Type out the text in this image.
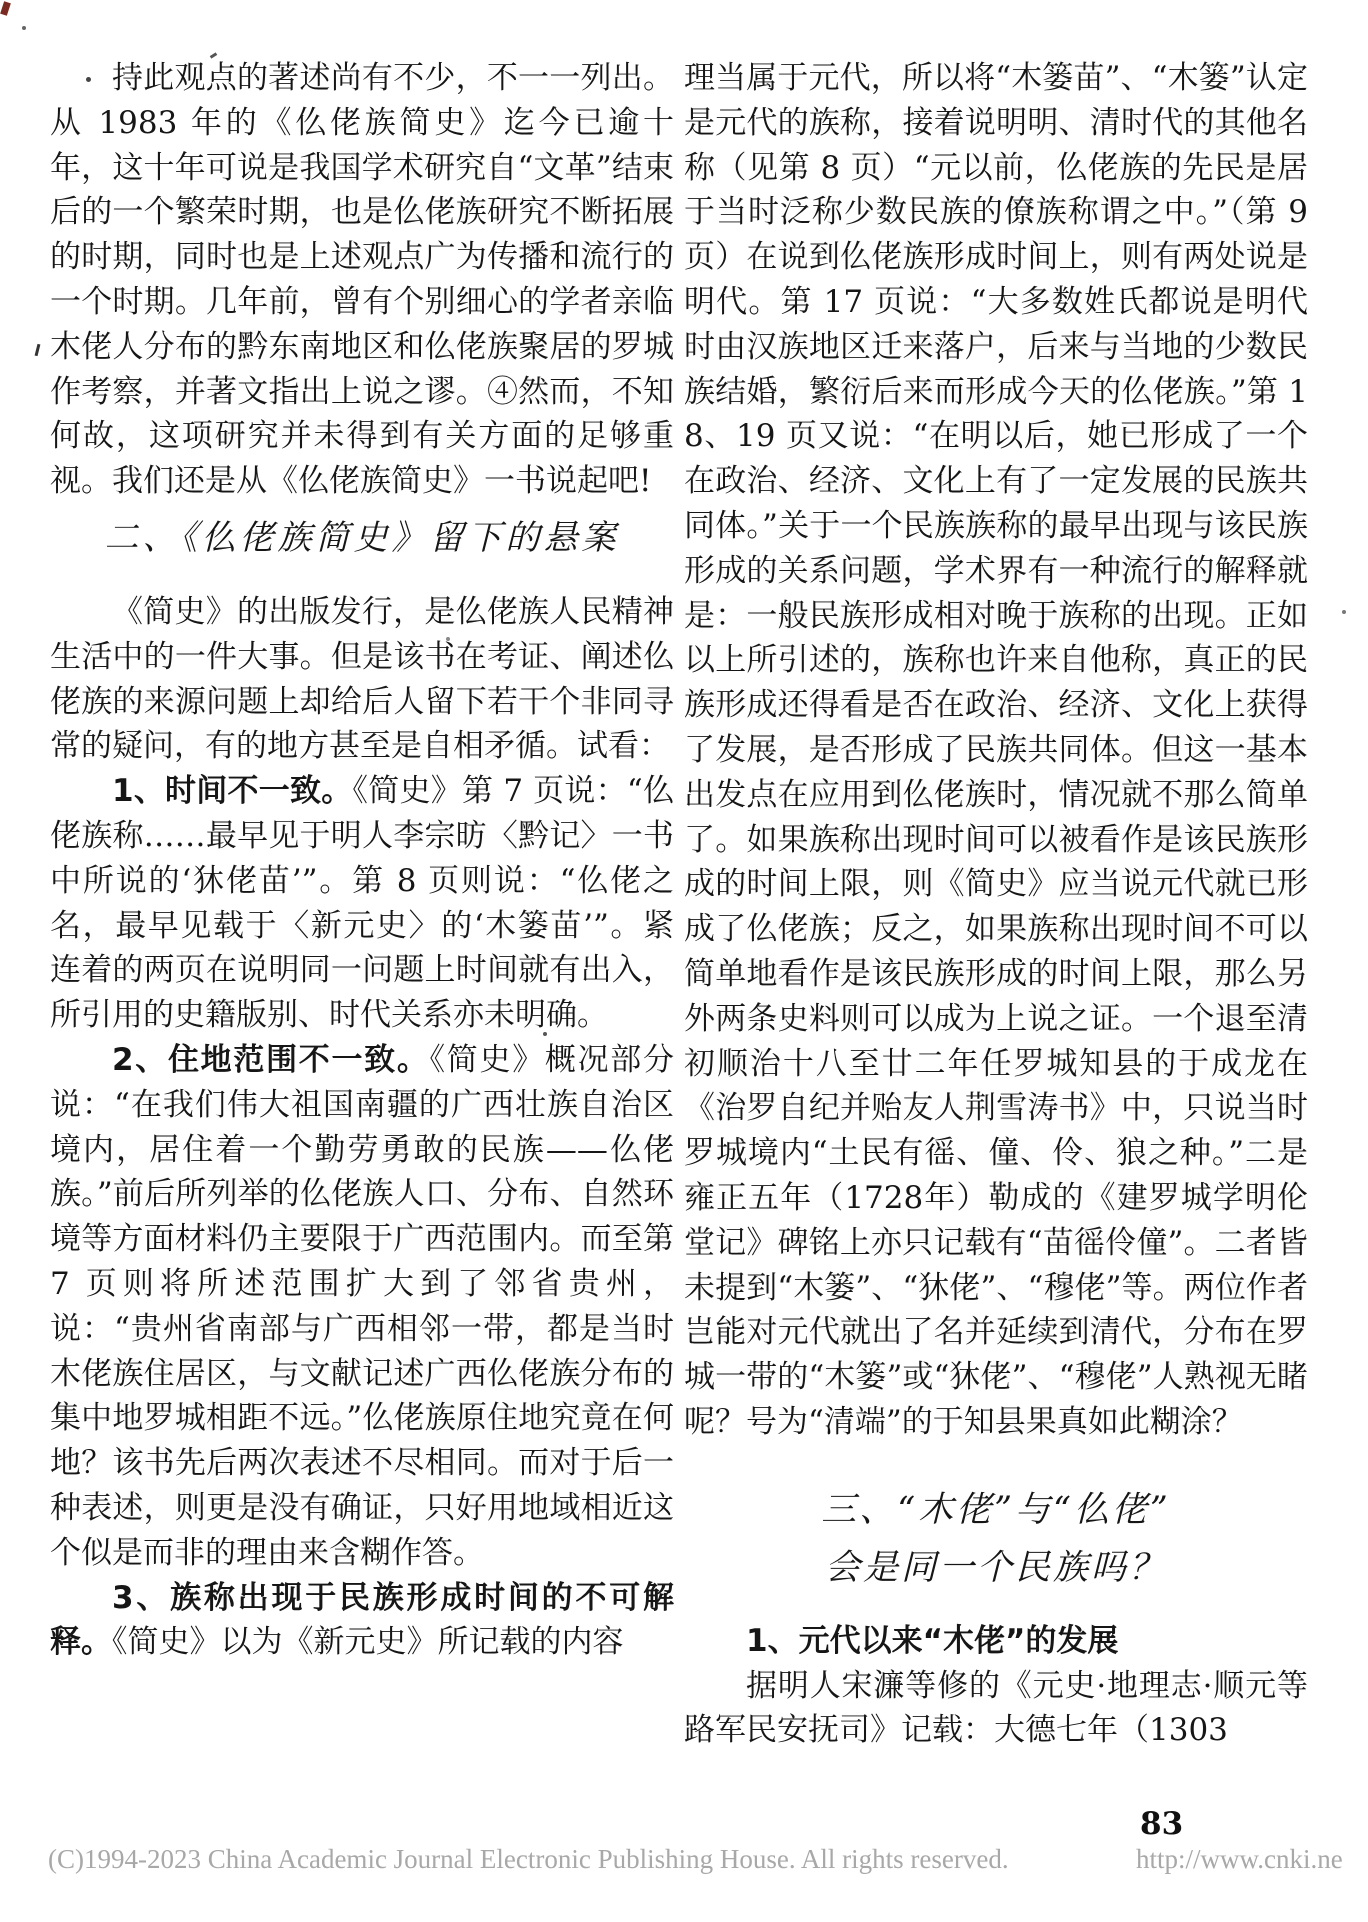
持此观点的著述尚有不少，不一一列出。从 1983 年的《仫佬族简史》迄今已逾十年，这十年可说是我国学术研究自“文革”结束后的一个繁荣时期，也是仫佬族研究不断拓展的时期，同时也是上述观点广为传播和流行的一个时期。几年前，曾有个别细心的学者亲临木佬人分布的黔东南地区和仫佬族聚居的罗城作考察，并著文指出上说之谬。④然而，不知何故，这项研究并未得到有关方面的足够重视。我们还是从《仫佬族简史》一书说起吧!

二、《仫佬族简史》留下的悬案

《简史》的出版发行，是仫佬族人民精神生活中的一件大事。但是该书在考证、阐述仫佬族的来源问题上却给后人留下若干个非同寻常的疑问，有的地方甚至是自相矛循。试看：

1、时间不一致。《简史》第 7 页说：“仫佬族称……最早见于明人李宗昉〈黔记〉一书中所说的‘狇佬苗’”。第 8 页则说：“仫佬之名，最早见载于〈新元史〉的‘木篓苗’”。紧连着的两页在说明同一问题上时间就有出入，所引用的史籍版别、时代关系亦未明确。

2、住地范围不一致。《简史》概况部分说：“在我们伟大祖国南疆的广西壮族自治区境内，居住着一个勤劳勇敢的民族——仫佬族。”前后所列举的仫佬族人口、分布、自然环境等方面材料仍主要限于广西范围内。而至第 7 页则将所述范围扩大到了邻省贵州，说：“贵州省南部与广西相邻一带，都是当时木佬族住居区，与文献记述广西仫佬族分布的集中地罗城相距不远。”仫佬族原住地究竟在何地？该书先后两次表述不尽相同。而对于后一种表述，则更是没有确证，只好用地域相近这个似是而非的理由来含糊作答。

3、族称出现于民族形成时间的不可解释。《简史》以为《新元史》所记载的内容

理当属于元代，所以将“木篓苗”、“木篓”认定是元代的族称，接着说明明、清时代的其他名称（见第 8 页）“元以前，仫佬族的先民是居于当时泛称少数民族的僚族称谓之中。”（第 9 页）在说到仫佬族形成时间上，则有两处说是明代。第 17 页说：“大多数姓氏都说是明代时由汉族地区迁来落户，后来与当地的少数民族结婚，繁衍后来而形成今天的仫佬族。”第 18、19 页又说：“在明以后，她已形成了一个在政治、经济、文化上有了一定发展的民族共同体。”关于一个民族族称的最早出现与该民族形成的关系问题，学术界有一种流行的解释就是：一般民族形成相对晚于族称的出现。正如以上所引述的，族称也许来自他称，真正的民族形成还得看是否在政治、经济、文化上获得了发展，是否形成了民族共同体。但这一基本出发点在应用到仫佬族时，情况就不那么简单了。如果族称出现时间可以被看作是该民族形成的时间上限，则《简史》应当说元代就已形成了仫佬族；反之，如果族称出现时间不可以简单地看作是该民族形成的时间上限，那么另外两条史料则可以成为上说之证。一个退至清初顺治十八至廿二年任罗城知县的于成龙在《治罗自纪并贻友人荆雪涛书》中，只说当时罗城境内“土民有徭、僮、伶、狼之种。”二是雍正五年（1728年）勒成的《建罗城学明伦堂记》碑铭上亦只记载有“苗徭伶僮”。二者皆未提到“木篓”、“狇佬”、“穆佬”等。两位作者岂能对元代就出了名并延续到清代，分布在罗城一带的“木篓”或“狇佬”、“穆佬”人熟视无睹呢？号为“清端”的于知县果真如此糊涂？

三、“木佬”与“仫佬”
会是同一个民族吗？

1、元代以来“木佬”的发展

据明人宋濂等修的《元史·地理志·顺元等路军民安抚司》记载：大德七年（1303

83
(C)1994-2023 China Academic Journal Electronic Publishing House. All rights reserved.	http://www.cnki.ne
